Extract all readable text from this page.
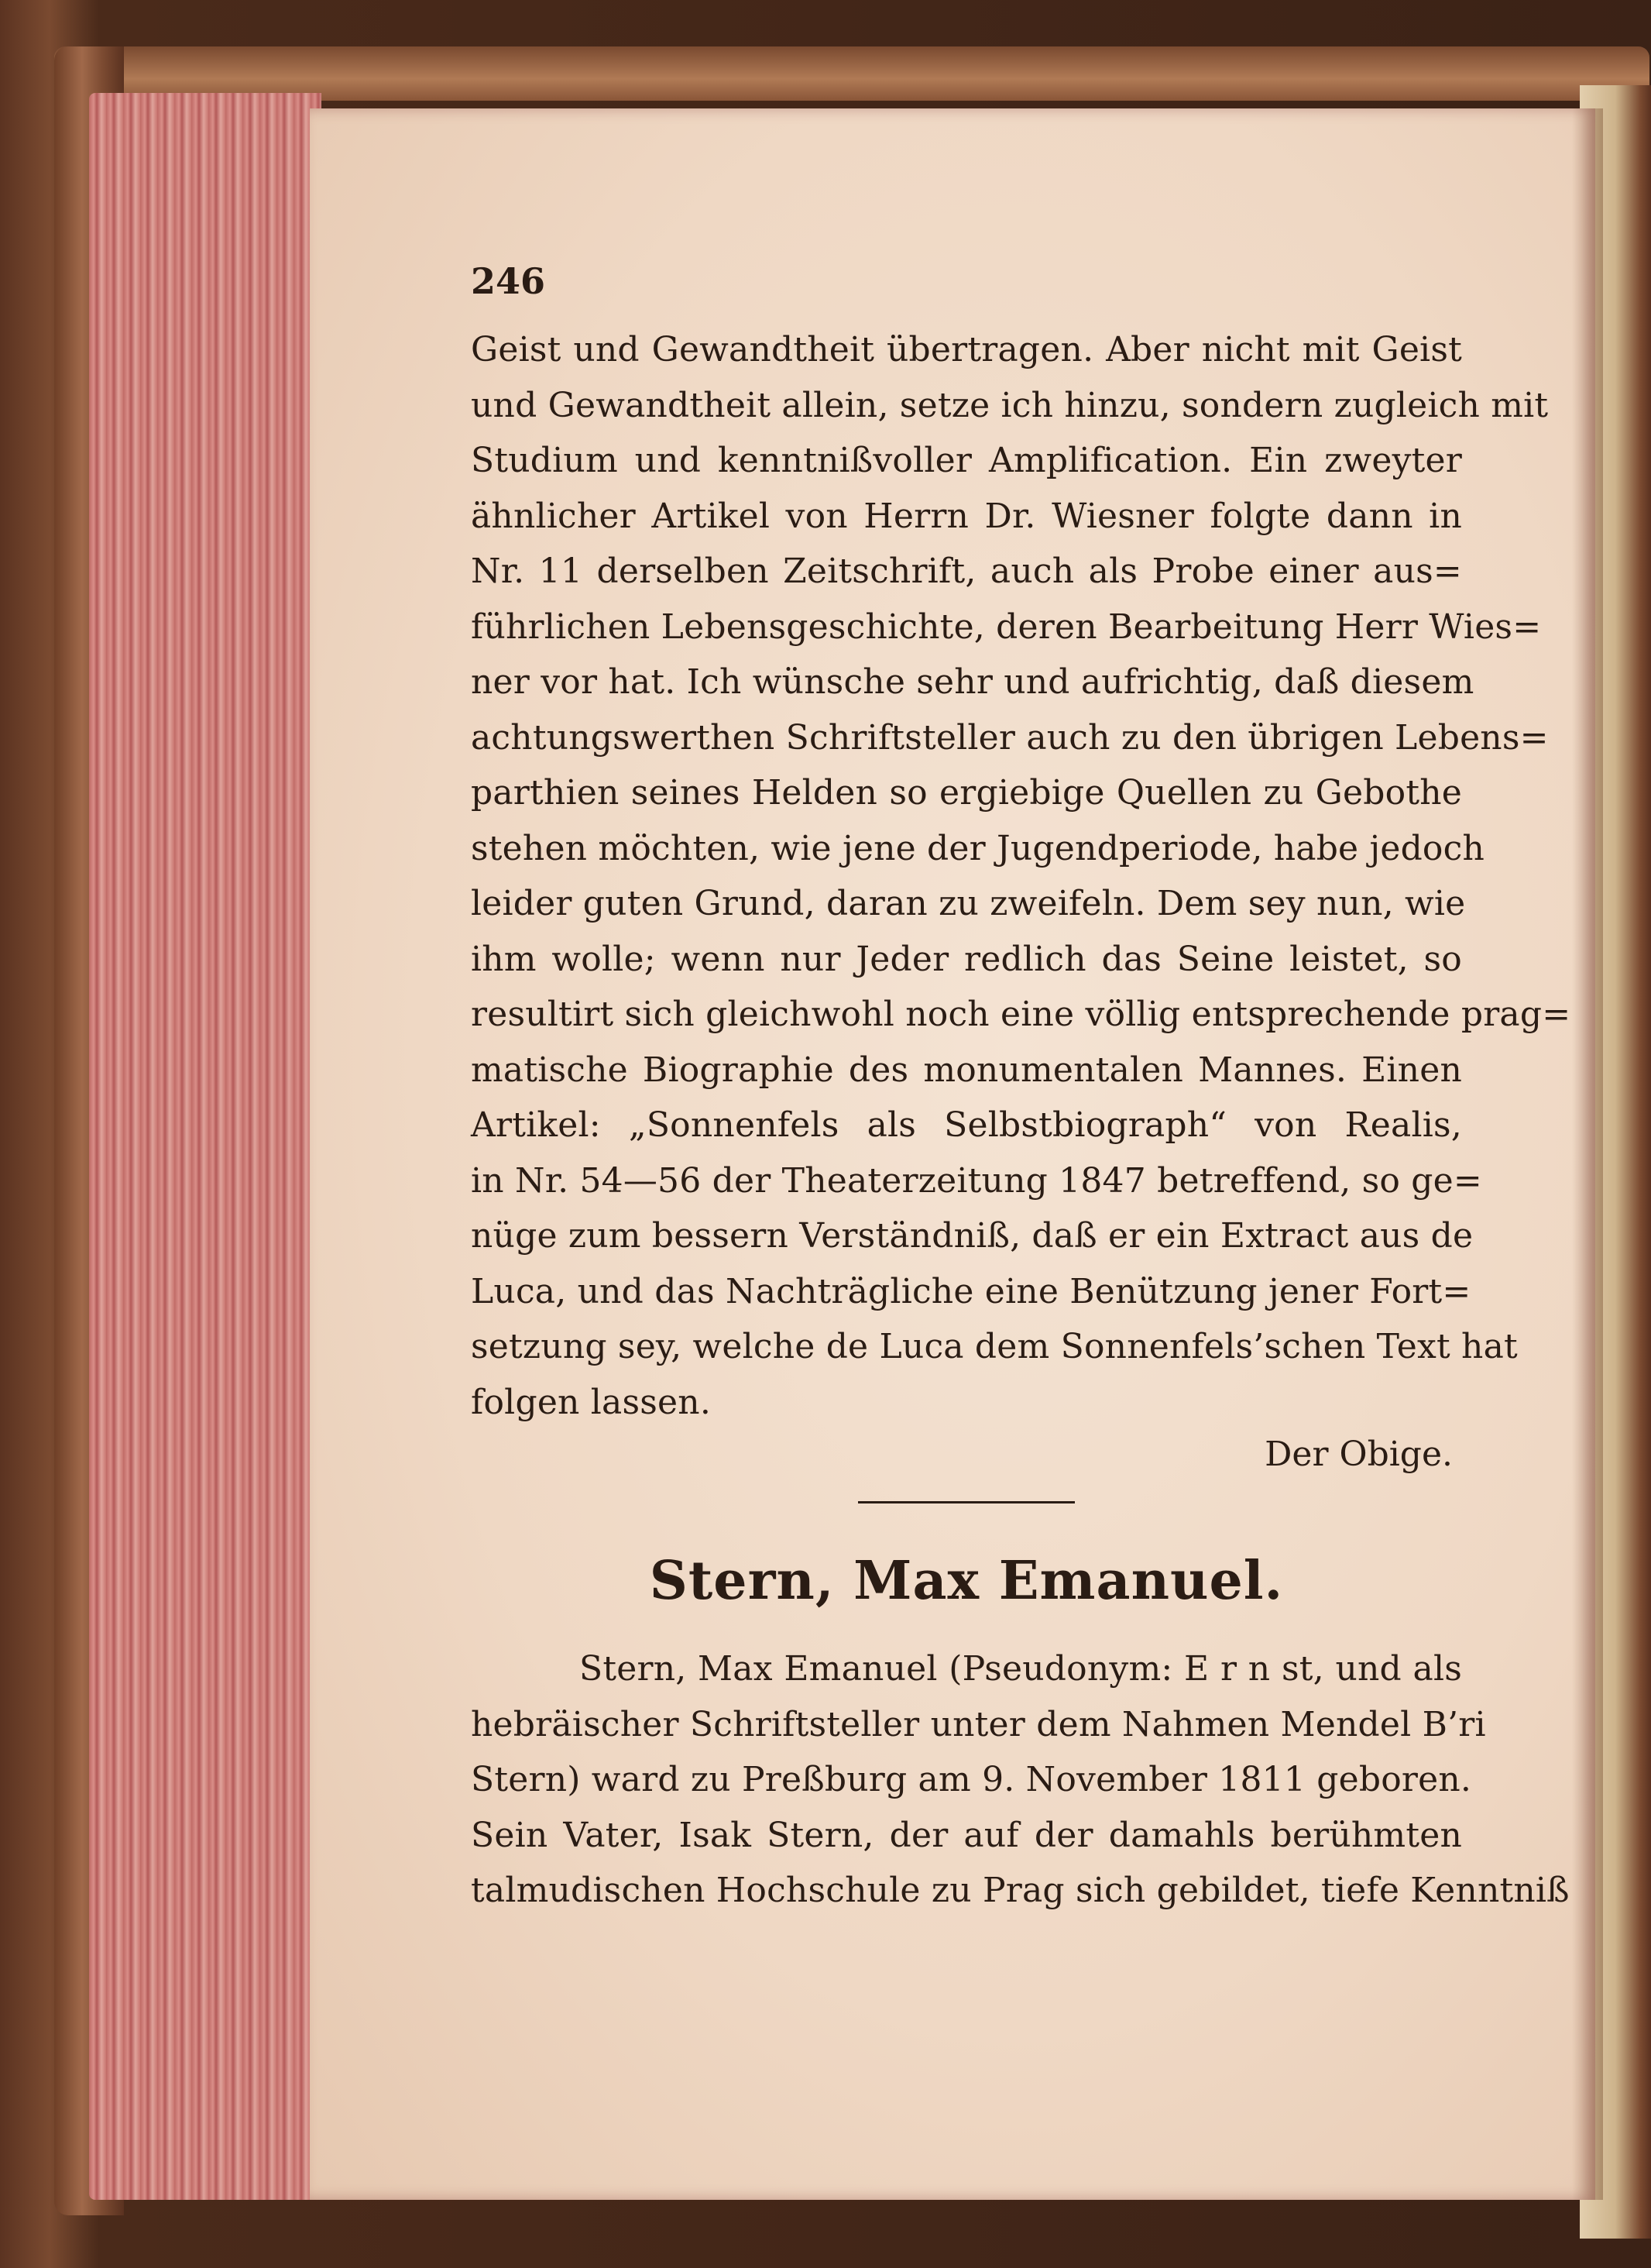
246
Geist und Gewandtheit übertragen. Aber nicht mit Geist
und Gewandtheit allein, setze ich hinzu, sondern zugleich mit
Studium und kenntnißvoller Amplification. Ein zweyter
ähnlicher Artikel von Herrn Dr. Wiesner folgte dann in
Nr. 11 derselben Zeitschrift, auch als Probe einer aus=
führlichen Lebensgeschichte, deren Bearbeitung Herr Wies=
ner vor hat. Ich wünsche sehr und aufrichtig, daß diesem
achtungswerthen Schriftsteller auch zu den übrigen Lebens=
parthien seines Helden so ergiebige Quellen zu Gebothe
stehen möchten, wie jene der Jugendperiode, habe jedoch
leider guten Grund, daran zu zweifeln. Dem sey nun, wie
ihm wolle; wenn nur Jeder redlich das Seine leistet, so
resultirt sich gleichwohl noch eine völlig entsprechende prag=
matische Biographie des monumentalen Mannes. Einen
Artikel: „Sonnenfels als Selbstbiograph“ von Realis,
in Nr. 54—56 der Theaterzeitung 1847 betreffend, so ge=
nüge zum bessern Verständniß, daß er ein Extract aus de
Luca, und das Nachträgliche eine Benützung jener Fort=
setzung sey, welche de Luca dem Sonnenfels’schen Text hat
folgen lassen.
Der Obige.
Stern, Max Emanuel.
Stern, Max Emanuel (Pseudonym: E r n st, und als
hebräischer Schriftsteller unter dem Nahmen Mendel B’ri
Stern) ward zu Preßburg am 9. November 1811 geboren.
Sein Vater, Isak Stern, der auf der damahls berühmten
talmudischen Hochschule zu Prag sich gebildet, tiefe Kenntniß
